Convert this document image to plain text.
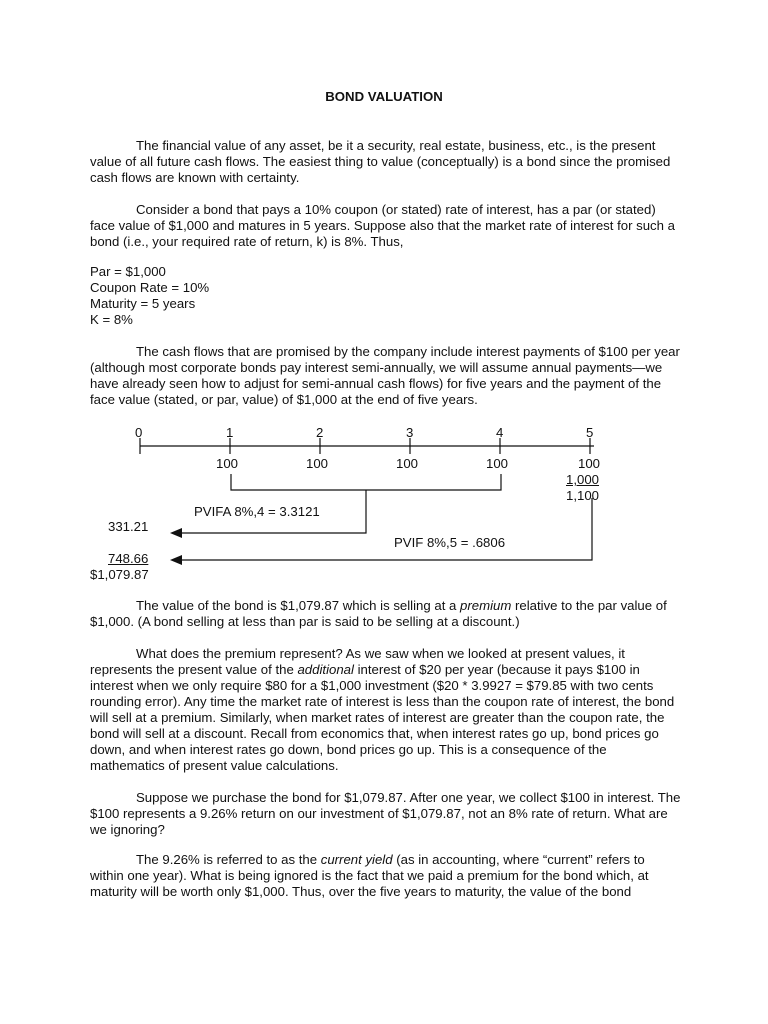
BOND VALUATION

The financial value of any asset, be it a security, real estate, business, etc., is the present value of all future cash flows. The easiest thing to value (conceptually) is a bond since the promised cash flows are known with certainty.

Consider a bond that pays a 10% coupon (or stated) rate of interest, has a par (or stated) face value of $1,000 and matures in 5 years. Suppose also that the market rate of interest for such a bond (i.e., your required rate of return, k) is 8%. Thus,

Par = $1,000
Coupon Rate = 10%
Maturity = 5 years
K = 8%

The cash flows that are promised by the company include interest payments of $100 per year (although most corporate bonds pay interest semi-annually, we will assume annual payments—we have already seen how to adjust for semi-annual cash flows) for five years and the payment of the face value (stated, or par, value) of $1,000 at the end of five years.

0	1	2	3	4	5
100	100	100	100	100
1,000
1,100
PVIFA 8%,4 = 3.3121
331.21
PVIF 8%,5 = .6806
748.66
$1,079.87

The value of the bond is $1,079.87 which is selling at a premium relative to the par value of $1,000. (A bond selling at less than par is said to be selling at a discount.)

What does the premium represent? As we saw when we looked at present values, it represents the present value of the additional interest of $20 per year (because it pays $100 in interest when we only require $80 for a $1,000 investment ($20 * 3.9927 = $79.85 with two cents rounding error). Any time the market rate of interest is less than the coupon rate of interest, the bond will sell at a premium. Similarly, when market rates of interest are greater than the coupon rate, the bond will sell at a discount. Recall from economics that, when interest rates go up, bond prices go down, and when interest rates go down, bond prices go up. This is a consequence of the mathematics of present value calculations.

Suppose we purchase the bond for $1,079.87. After one year, we collect $100 in interest. The $100 represents a 9.26% return on our investment of $1,079.87, not an 8% rate of return. What are we ignoring?

The 9.26% is referred to as the current yield (as in accounting, where “current” refers to within one year). What is being ignored is the fact that we paid a premium for the bond which, at maturity will be worth only $1,000. Thus, over the five years to maturity, the value of the bond
